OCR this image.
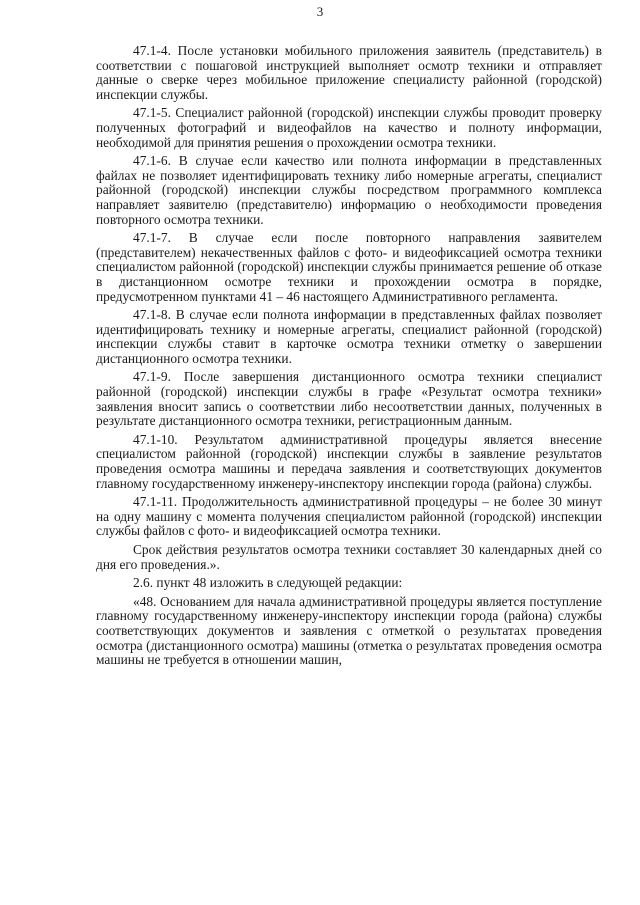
3

47.1-4. После установки мобильного приложения заявитель (представитель) в соответствии с пошаговой инструкцией выполняет осмотр техники и отправляет данные о сверке через мобильное приложение специалисту районной (городской) инспекции службы.

47.1-5. Специалист районной (городской) инспекции службы проводит проверку полученных фотографий и видеофайлов на качество и полноту информации, необходимой для принятия решения о прохождении осмотра техники.

47.1-6. В случае если качество или полнота информации в представленных файлах не позволяет идентифицировать технику либо номерные агрегаты, специалист районной (городской) инспекции службы посредством программного комплекса направляет заявителю (представителю) информацию о необходимости проведения повторного осмотра техники.

47.1-7. В случае если после повторного направления заявителем (представителем) некачественных файлов с фото- и видеофиксацией осмотра техники специалистом районной (городской) инспекции службы принимается решение об отказе в дистанционном осмотре техники и прохождении осмотра в порядке, предусмотренном пунктами 41 – 46 настоящего Административного регламента.

47.1-8. В случае если полнота информации в представленных файлах позволяет идентифицировать технику и номерные агрегаты, специалист районной (городской) инспекции службы ставит в карточке осмотра техники отметку о завершении дистанционного осмотра техники.

47.1-9. После завершения дистанционного осмотра техники специалист районной (городской) инспекции службы в графе «Результат осмотра техники» заявления вносит запись о соответствии либо несоответствии данных, полученных в результате дистанционного осмотра техники, регистрационным данным.

47.1-10. Результатом административной процедуры является внесение специалистом районной (городской) инспекции службы в заявление результатов проведения осмотра машины и передача заявления и соответствующих документов главному государственному инженеру-инспектору инспекции города (района) службы.

47.1-11. Продолжительность административной процедуры – не более 30 минут на одну машину с момента получения специалистом районной (городской) инспекции службы файлов с фото- и видеофиксацией осмотра техники.

Срок действия результатов осмотра техники составляет 30 календарных дней со дня его проведения.».

2.6. пункт 48 изложить в следующей редакции:

«48. Основанием для начала административной процедуры является поступление главному государственному инженеру-инспектору инспекции города (района) службы соответствующих документов и заявления с отметкой о результатах проведения осмотра (дистанционного осмотра) машины (отметка о результатах проведения осмотра машины не требуется в отношении машин,
